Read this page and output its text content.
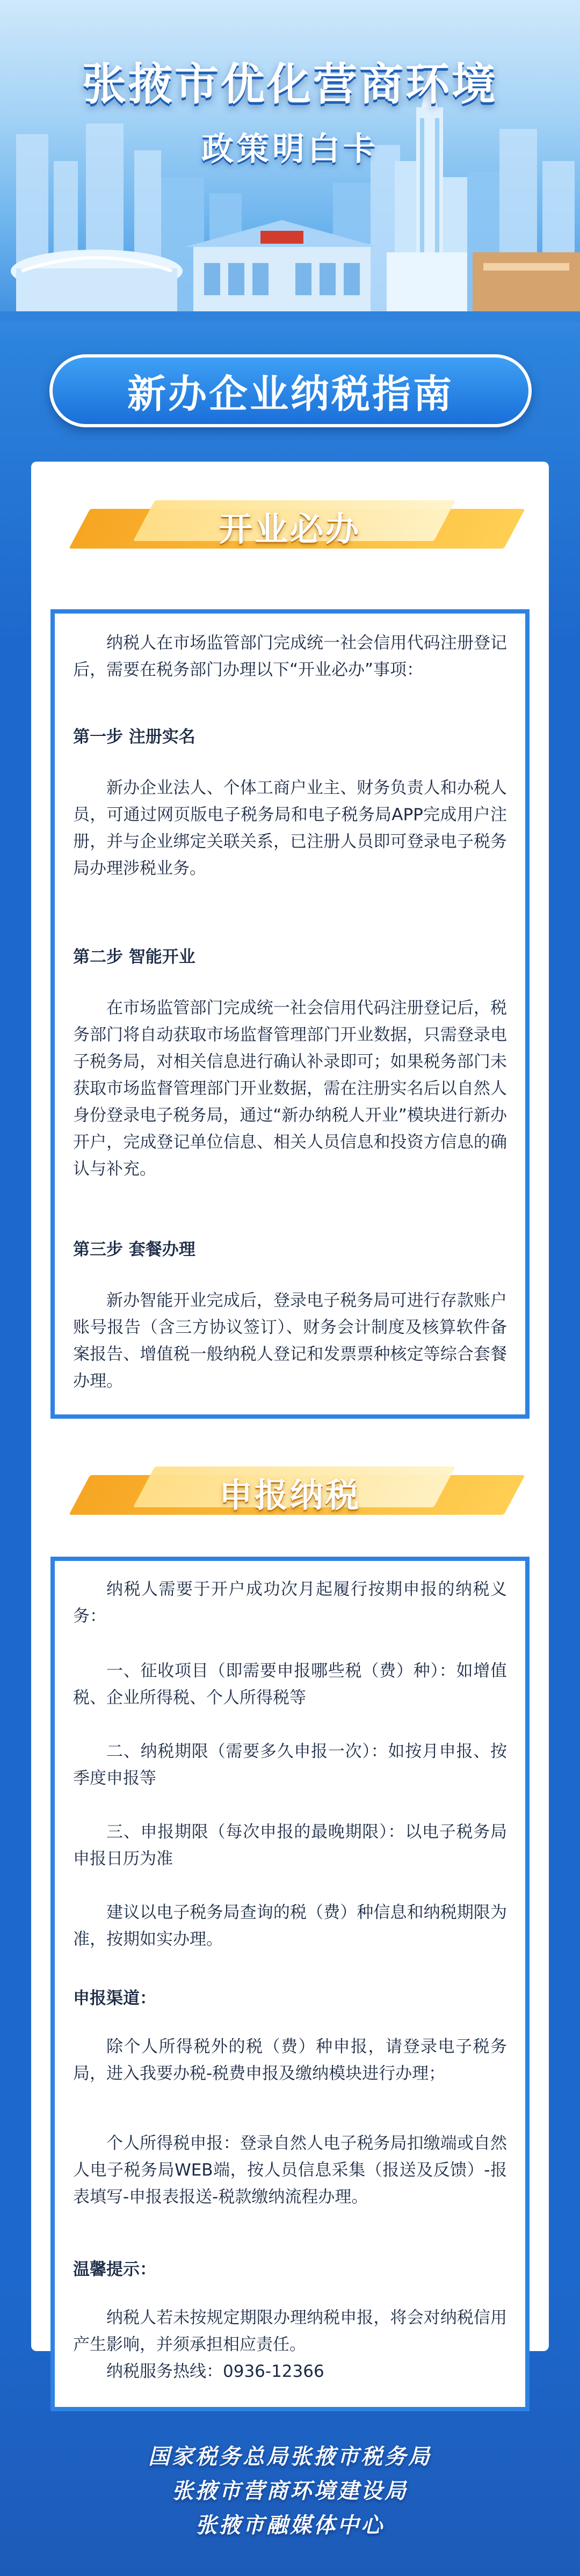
张掖市优化营商环境
政策明白卡
新办企业纳税指南
开业必办

纳税人在市场监管部门完成统一社会信用代码注册登记后，需要在税务部门办理以下“开业必办”事项：

第一步 注册实名

新办企业法人、个体工商户业主、财务负责人和办税人员，可通过网页版电子税务局和电子税务局APP完成用户注册，并与企业绑定关联关系，已注册人员即可登录电子税务局办理涉税业务。

第二步 智能开业

在市场监管部门完成统一社会信用代码注册登记后，税务部门将自动获取市场监督管理部门开业数据，只需登录电子税务局，对相关信息进行确认补录即可；如果税务部门未获取市场监督管理部门开业数据，需在注册实名后以自然人身份登录电子税务局，通过“新办纳税人开业”模块进行新办开户，完成登记单位信息、相关人员信息和投资方信息的确认与补充。

第三步 套餐办理

新办智能开业完成后，登录电子税务局可进行存款账户账号报告（含三方协议签订）、财务会计制度及核算软件备案报告、增值税一般纳税人登记和发票票种核定等综合套餐办理。

申报纳税

纳税人需要于开户成功次月起履行按期申报的纳税义务：

一、征收项目（即需要申报哪些税（费）种）：如增值税、企业所得税、个人所得税等

二、纳税期限（需要多久申报一次）：如按月申报、按季度申报等

三、申报期限（每次申报的最晚期限）：以电子税务局申报日历为准

建议以电子税务局查询的税（费）种信息和纳税期限为准，按期如实办理。

申报渠道：

除个人所得税外的税（费）种申报，请登录电子税务局，进入我要办税-税费申报及缴纳模块进行办理；

个人所得税申报：登录自然人电子税务局扣缴端或自然人电子税务局WEB端，按人员信息采集（报送及反馈）-报表填写-申报表报送-税款缴纳流程办理。

温馨提示：

纳税人若未按规定期限办理纳税申报，将会对纳税信用产生影响，并须承担相应责任。

纳税服务热线：0936-12366

国家税务总局张掖市税务局
张掖市营商环境建设局
张掖市融媒体中心
